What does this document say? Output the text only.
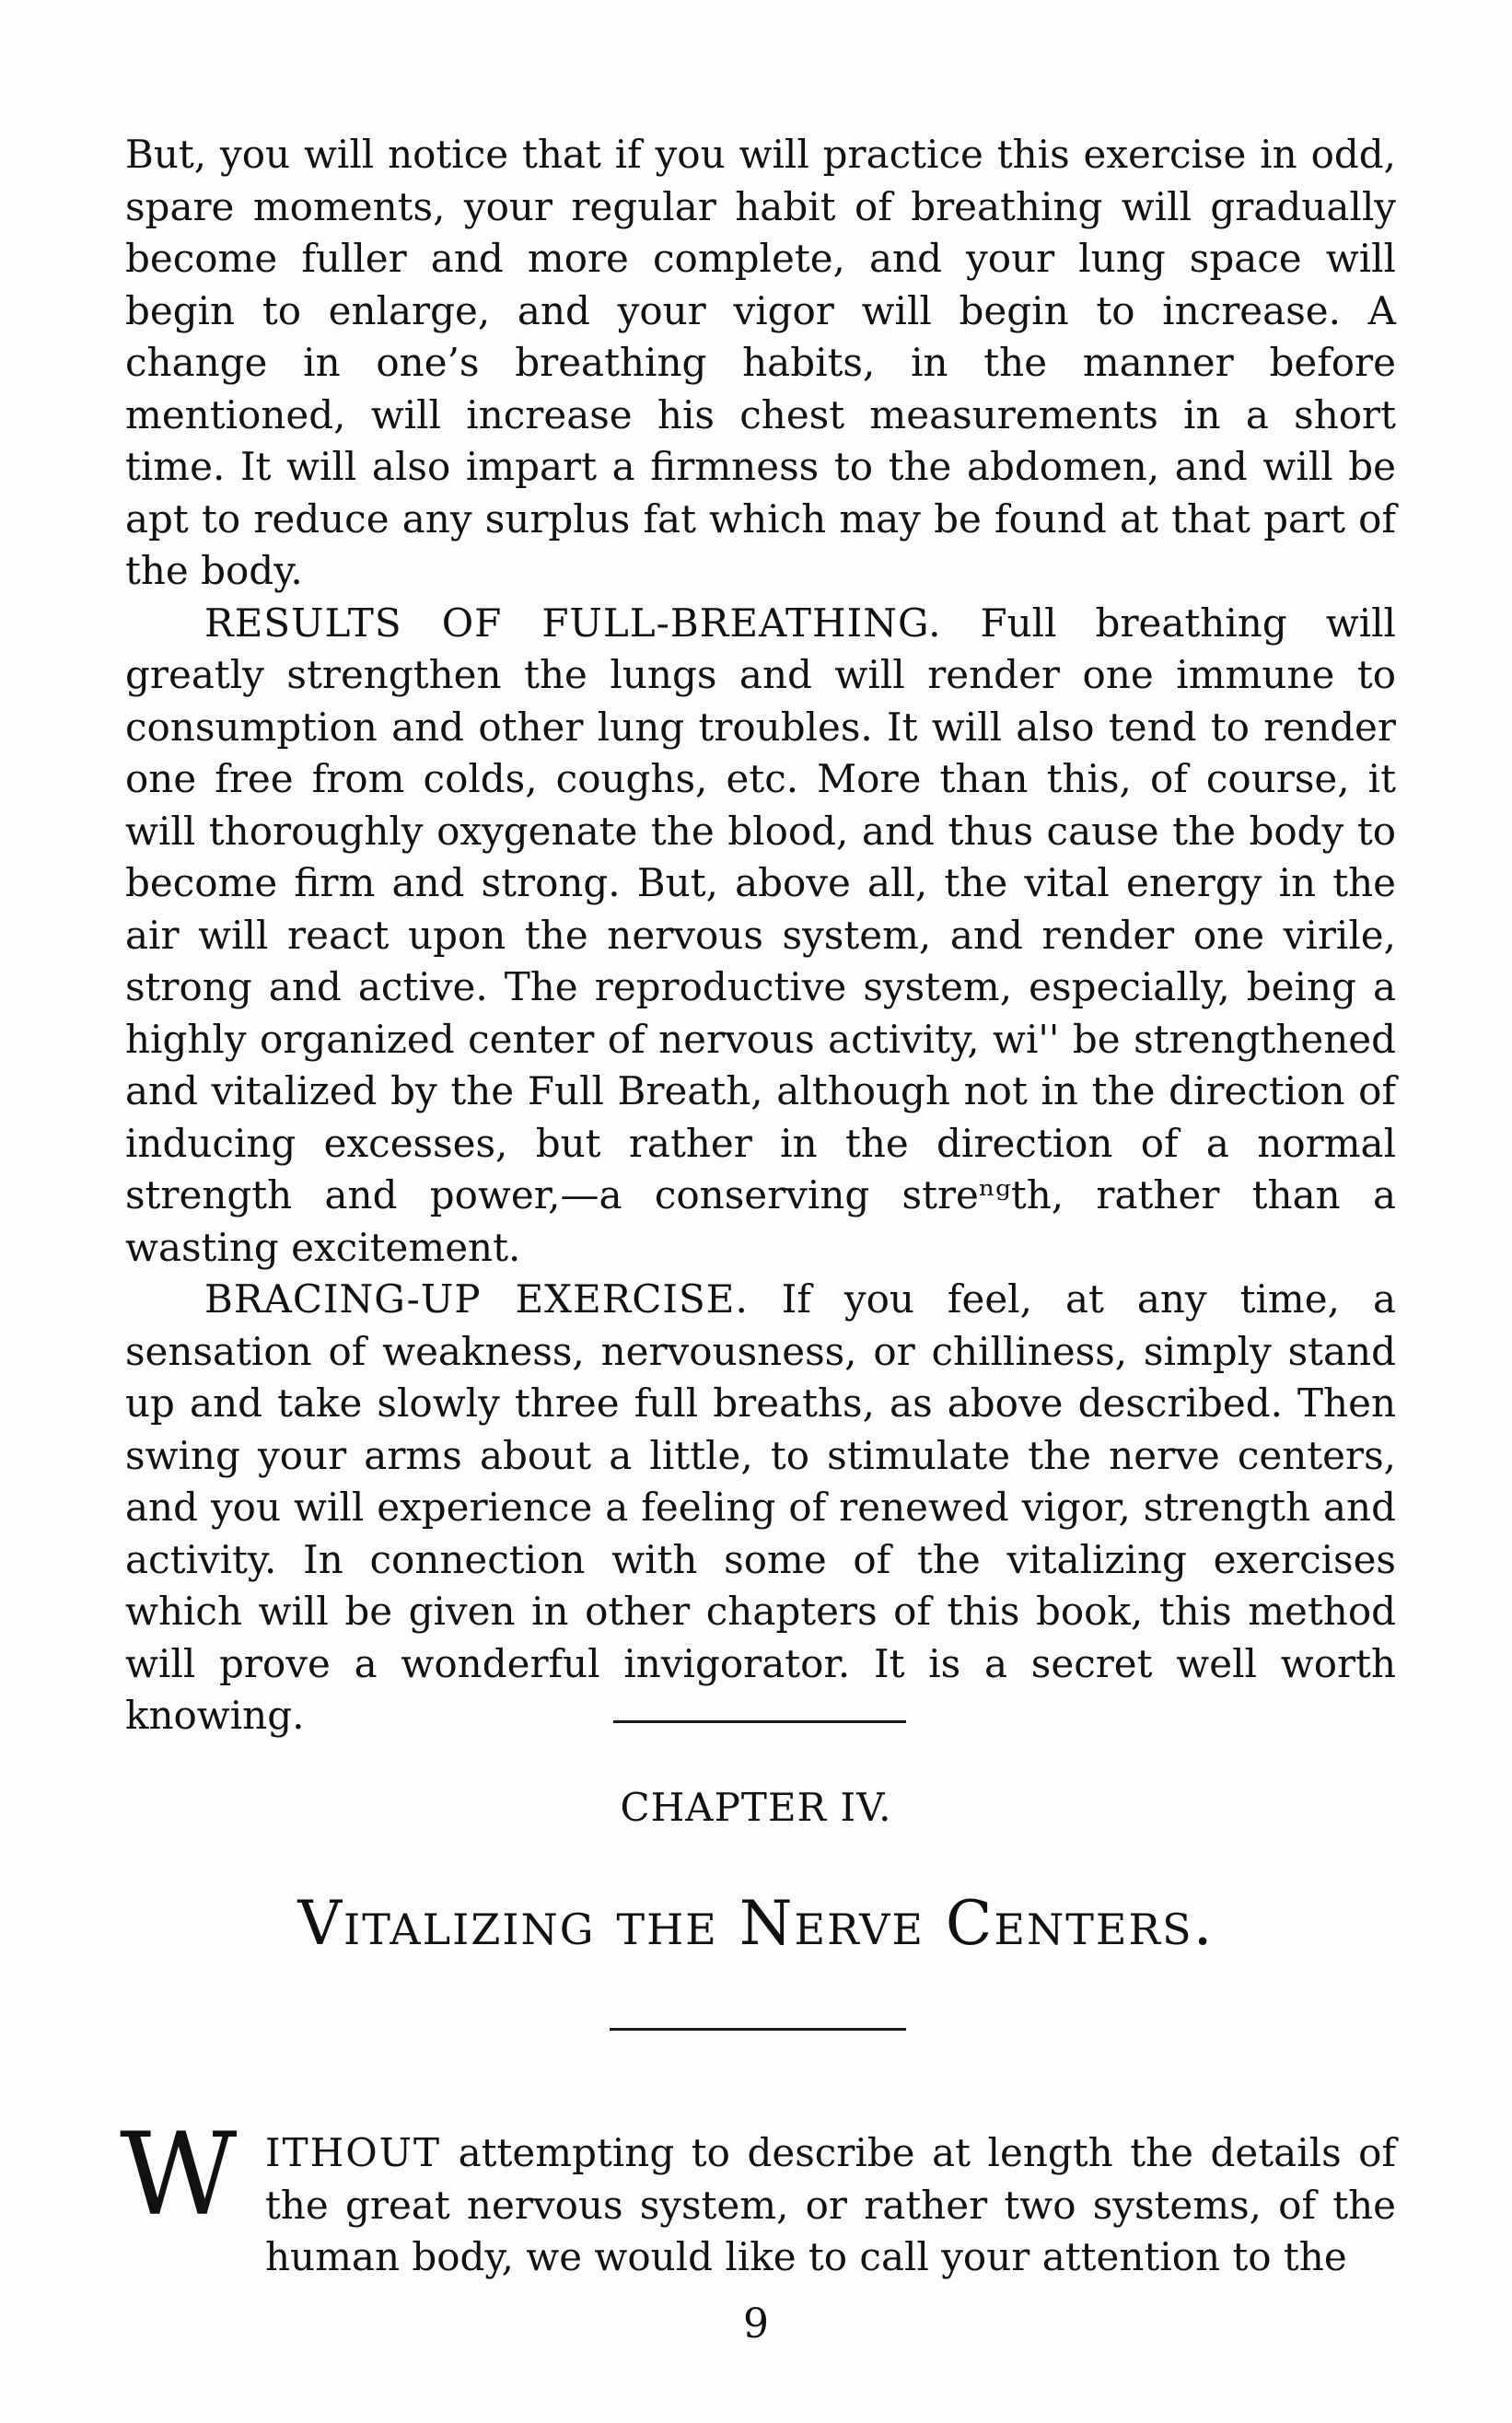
But, you will notice that if you will practice this exercise in odd, spare moments, your regular habit of breathing will gradually become fuller and more complete, and your lung space will begin to enlarge, and your vigor will begin to increase. A change in one’s breathing habits, in the manner before mentioned, will increase his chest measurements in a short time. It will also impart a firmness to the abdomen, and will be apt to reduce any surplus fat which may be found at that part of the body.

RESULTS OF FULL-BREATHING. Full breathing will greatly strengthen the lungs and will render one immune to consumption and other lung troubles. It will also tend to render one free from colds, coughs, etc. More than this, of course, it will thoroughly oxygenate the blood, and thus cause the body to become firm and strong. But, above all, the vital energy in the air will react upon the nervous system, and render one virile, strong and active. The reproductive system, especially, being a highly organized center of nervous activity, wi'' be strengthened and vitalized by the Full Breath, although not in the direction of inducing excesses, but rather in the direction of a normal strength and power,—a conserving streⁿᵍth, rather than a wasting excitement.

BRACING-UP EXERCISE. If you feel, at any time, a sensation of weakness, nervousness, or chilliness, simply stand up and take slowly three full breaths, as above described. Then swing your arms about a little, to stimulate the nerve centers, and you will experience a feeling of renewed vigor, strength and activity. In connection with some of the vitalizing exercises which will be given in other chapters of this book, this method will prove a wonderful invigorator. It is a secret well worth knowing.

CHAPTER IV.
Vitalizing the Nerve Centers.
W ITHOUT attempting to describe at length the details of the great nervous system, or rather two systems, of the human body, we would like to call your attention to the
9
